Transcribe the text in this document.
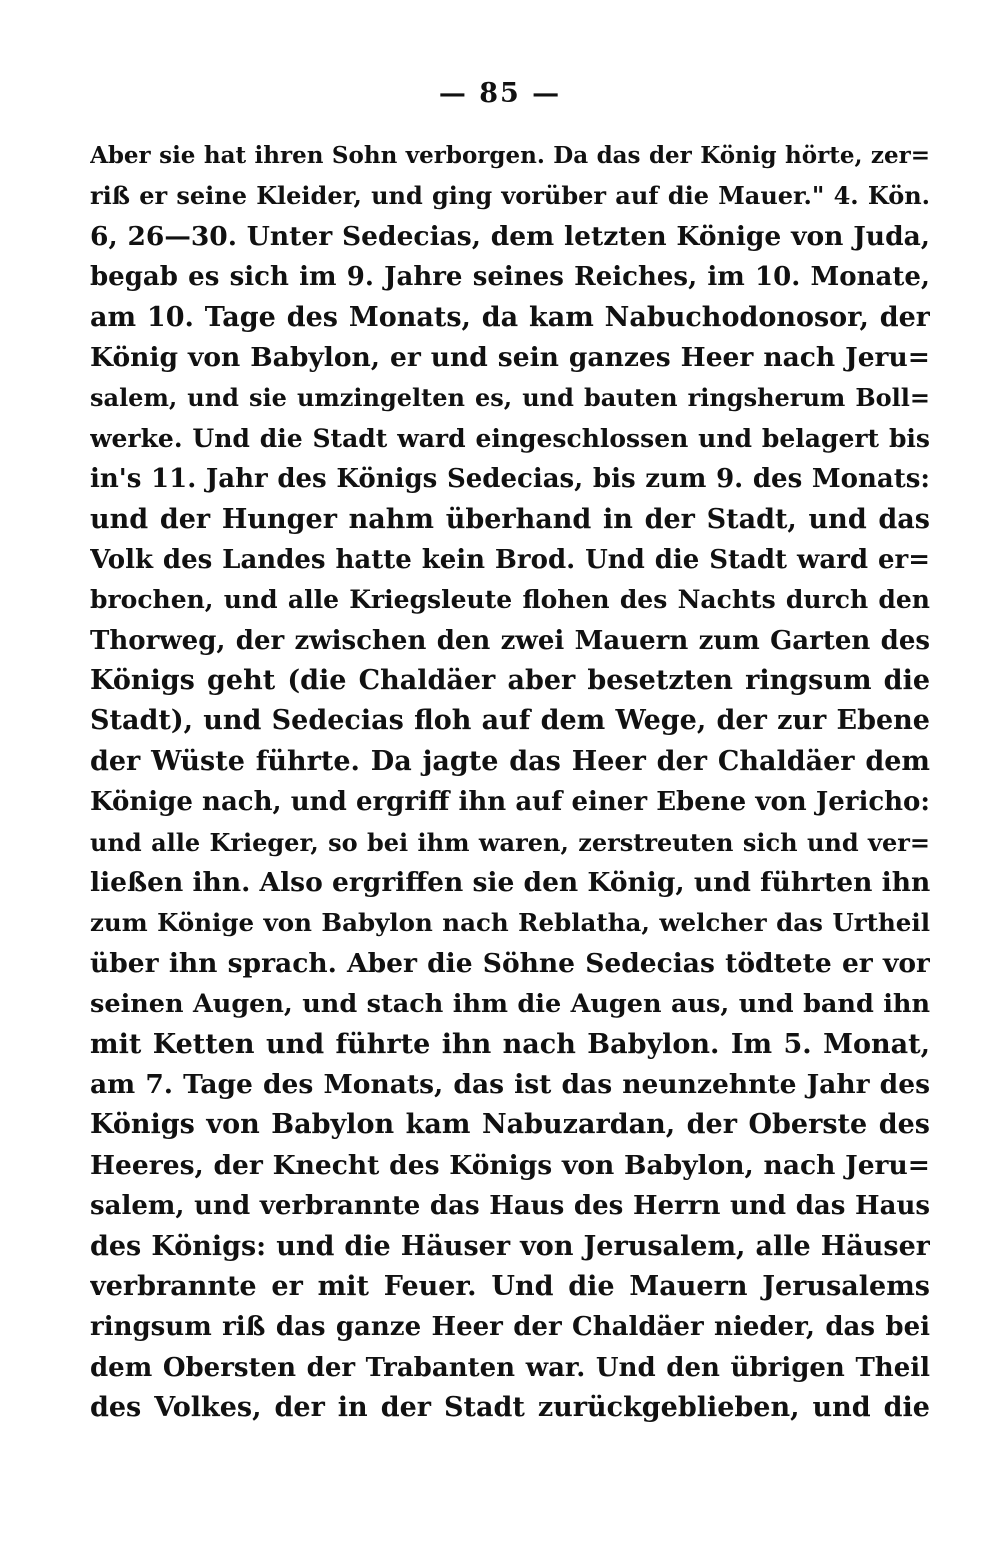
— 85 —
Aber sie hat ihren Sohn verborgen. Da das der König hörte, zer=
riß er seine Kleider, und ging vorüber auf die Mauer." 4. Kön.
6, 26—30. Unter Sedecias, dem letzten Könige von Juda,
begab es sich im 9. Jahre seines Reiches, im 10. Monate,
am 10. Tage des Monats, da kam Nabuchodonosor, der
König von Babylon, er und sein ganzes Heer nach Jeru=
salem, und sie umzingelten es, und bauten ringsherum Boll=
werke. Und die Stadt ward eingeschlossen und belagert bis
in's 11. Jahr des Königs Sedecias, bis zum 9. des Monats:
und der Hunger nahm überhand in der Stadt, und das
Volk des Landes hatte kein Brod. Und die Stadt ward er=
brochen, und alle Kriegsleute flohen des Nachts durch den
Thorweg, der zwischen den zwei Mauern zum Garten des
Königs geht (die Chaldäer aber besetzten ringsum die
Stadt), und Sedecias floh auf dem Wege, der zur Ebene
der Wüste führte. Da jagte das Heer der Chaldäer dem
Könige nach, und ergriff ihn auf einer Ebene von Jericho:
und alle Krieger, so bei ihm waren, zerstreuten sich und ver=
ließen ihn. Also ergriffen sie den König, und führten ihn
zum Könige von Babylon nach Reblatha, welcher das Urtheil
über ihn sprach. Aber die Söhne Sedecias tödtete er vor
seinen Augen, und stach ihm die Augen aus, und band ihn
mit Ketten und führte ihn nach Babylon. Im 5. Monat,
am 7. Tage des Monats, das ist das neunzehnte Jahr des
Königs von Babylon kam Nabuzardan, der Oberste des
Heeres, der Knecht des Königs von Babylon, nach Jeru=
salem, und verbrannte das Haus des Herrn und das Haus
des Königs: und die Häuser von Jerusalem, alle Häuser
verbrannte er mit Feuer. Und die Mauern Jerusalems
ringsum riß das ganze Heer der Chaldäer nieder, das bei
dem Obersten der Trabanten war. Und den übrigen Theil
des Volkes, der in der Stadt zurückgeblieben, und die
